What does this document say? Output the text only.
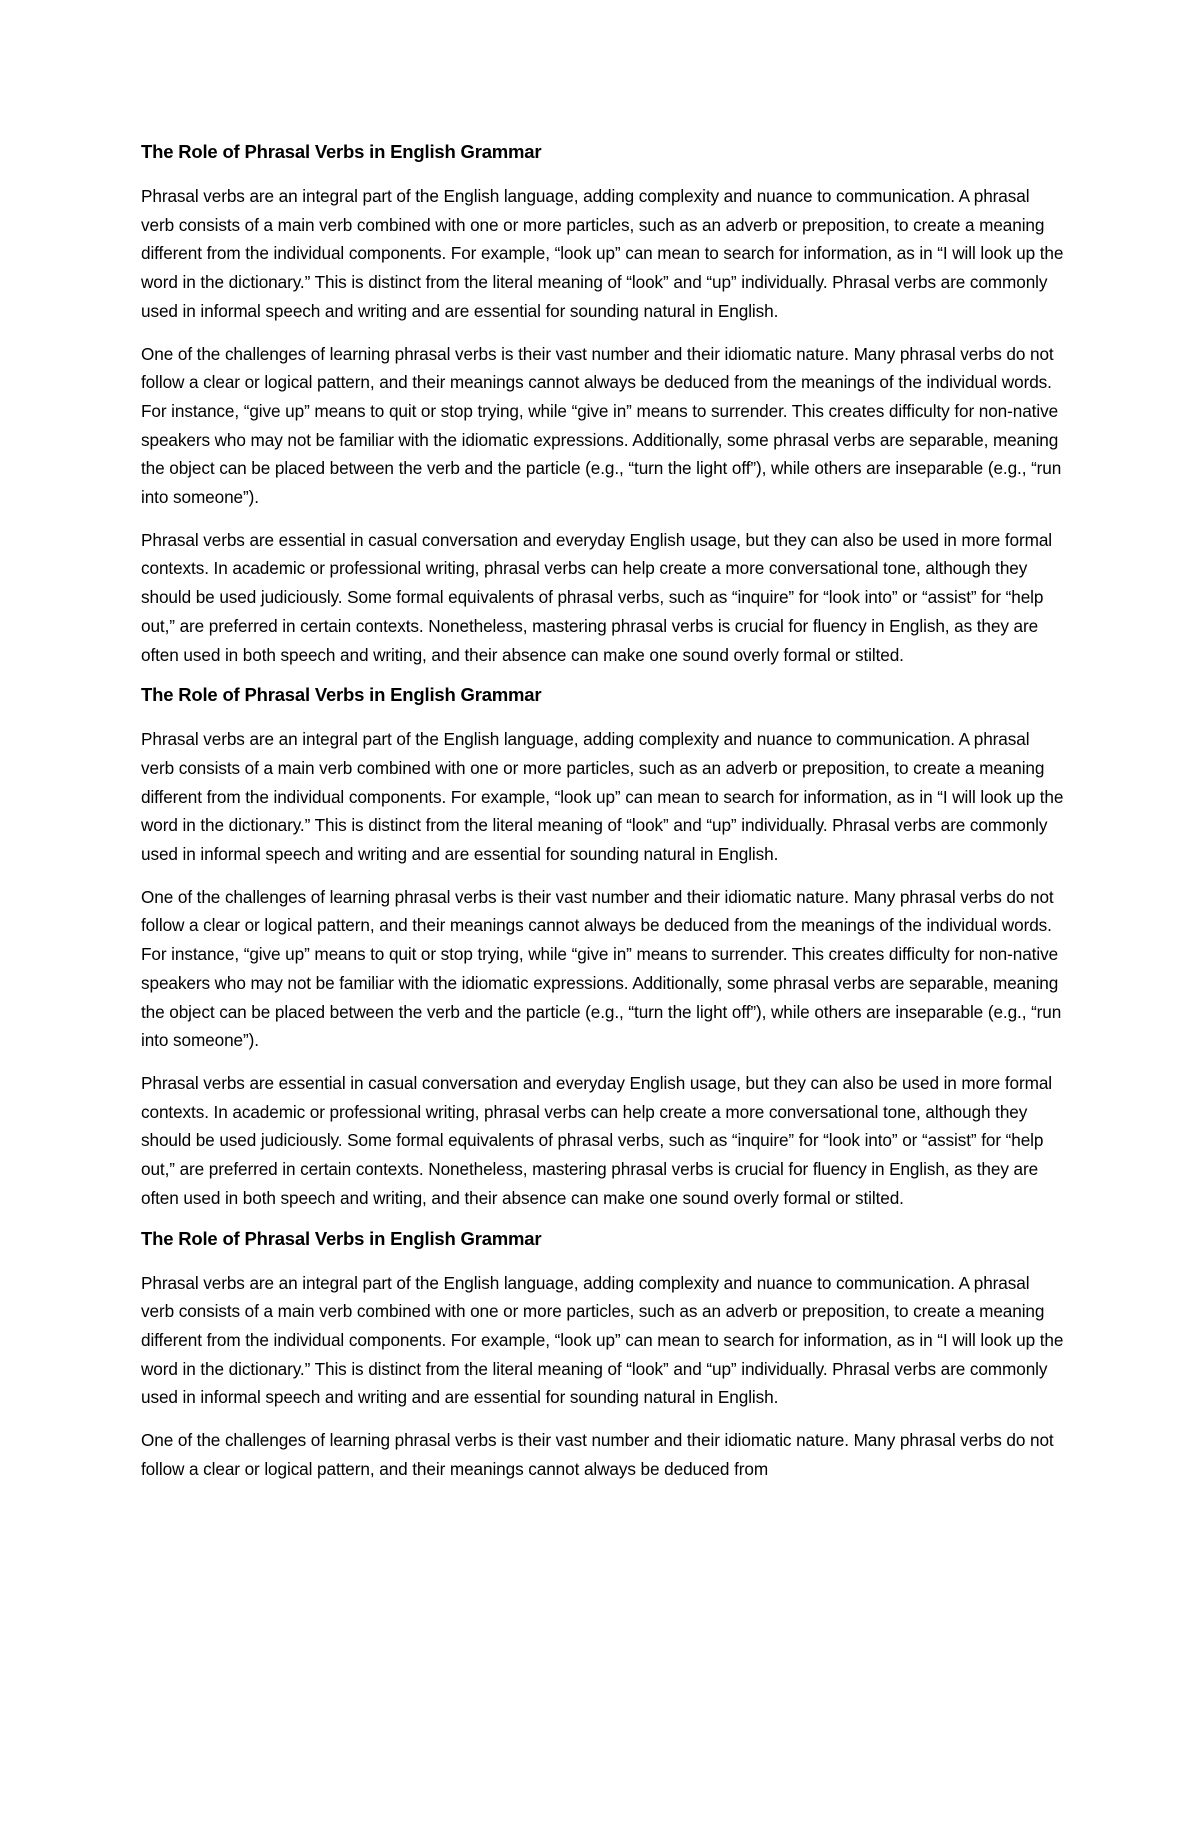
The Role of Phrasal Verbs in English Grammar

Phrasal verbs are an integral part of the English language, adding complexity and nuance to communication. A phrasal verb consists of a main verb combined with one or more particles, such as an adverb or preposition, to create a meaning different from the individual components. For example, “look up” can mean to search for information, as in “I will look up the word in the dictionary.” This is distinct from the literal meaning of “look” and “up” individually. Phrasal verbs are commonly used in informal speech and writing and are essential for sounding natural in English.

One of the challenges of learning phrasal verbs is their vast number and their idiomatic nature. Many phrasal verbs do not follow a clear or logical pattern, and their meanings cannot always be deduced from the meanings of the individual words. For instance, “give up” means to quit or stop trying, while “give in” means to surrender. This creates difficulty for non-native speakers who may not be familiar with the idiomatic expressions. Additionally, some phrasal verbs are separable, meaning the object can be placed between the verb and the particle (e.g., “turn the light off”), while others are inseparable (e.g., “run into someone”).

Phrasal verbs are essential in casual conversation and everyday English usage, but they can also be used in more formal contexts. In academic or professional writing, phrasal verbs can help create a more conversational tone, although they should be used judiciously. Some formal equivalents of phrasal verbs, such as “inquire” for “look into” or “assist” for “help out,” are preferred in certain contexts. Nonetheless, mastering phrasal verbs is crucial for fluency in English, as they are often used in both speech and writing, and their absence can make one sound overly formal or stilted.

The Role of Phrasal Verbs in English Grammar

Phrasal verbs are an integral part of the English language, adding complexity and nuance to communication. A phrasal verb consists of a main verb combined with one or more particles, such as an adverb or preposition, to create a meaning different from the individual components. For example, “look up” can mean to search for information, as in “I will look up the word in the dictionary.” This is distinct from the literal meaning of “look” and “up” individually. Phrasal verbs are commonly used in informal speech and writing and are essential for sounding natural in English.

One of the challenges of learning phrasal verbs is their vast number and their idiomatic nature. Many phrasal verbs do not follow a clear or logical pattern, and their meanings cannot always be deduced from the meanings of the individual words. For instance, “give up” means to quit or stop trying, while “give in” means to surrender. This creates difficulty for non-native speakers who may not be familiar with the idiomatic expressions. Additionally, some phrasal verbs are separable, meaning the object can be placed between the verb and the particle (e.g., “turn the light off”), while others are inseparable (e.g., “run into someone”).

Phrasal verbs are essential in casual conversation and everyday English usage, but they can also be used in more formal contexts. In academic or professional writing, phrasal verbs can help create a more conversational tone, although they should be used judiciously. Some formal equivalents of phrasal verbs, such as “inquire” for “look into” or “assist” for “help out,” are preferred in certain contexts. Nonetheless, mastering phrasal verbs is crucial for fluency in English, as they are often used in both speech and writing, and their absence can make one sound overly formal or stilted.

The Role of Phrasal Verbs in English Grammar

Phrasal verbs are an integral part of the English language, adding complexity and nuance to communication. A phrasal verb consists of a main verb combined with one or more particles, such as an adverb or preposition, to create a meaning different from the individual components. For example, “look up” can mean to search for information, as in “I will look up the word in the dictionary.” This is distinct from the literal meaning of “look” and “up” individually. Phrasal verbs are commonly used in informal speech and writing and are essential for sounding natural in English.

One of the challenges of learning phrasal verbs is their vast number and their idiomatic nature. Many phrasal verbs do not follow a clear or logical pattern, and their meanings cannot always be deduced from
